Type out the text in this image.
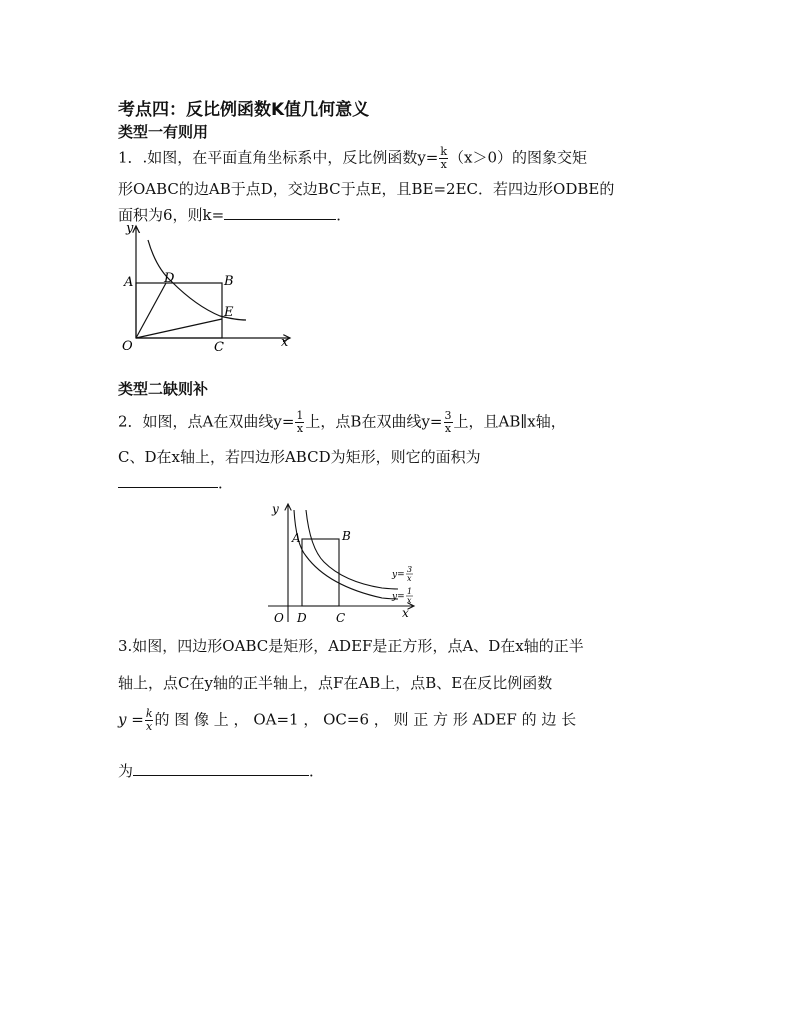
考点四：反比例函数K值几何意义
类型一有则用
1．.如图，在平面直角坐标系中，反比例函数$y= \frac{k}{x} (x>0)$的图象交矩
形OABC的边AB于点D，交边BC于点E，且BE=2EC．若四边形ODBE的
面积为6，则k=	．
y
x
O
A	B
C
D
E
类型二缺则补
2．如图，点A在双曲线$y= \frac{1}{x}$ 上，点B在双曲线$y= \frac{3}{x}$ 上，且AB∥x轴，
C、D在x轴上，若四边形ABCD为矩形，则它的面积为
．
y
x
O
A	B
D C
y=
3
x
y=
1
x
3.如图，四边形OABC是矩形，ADEF是正方形，点A、D在x轴的正半
轴上，点C在y轴的正半轴上，点F在AB上，点B、E在反比例函数
$y = \frac{k}{x}$ 的 图 像 上 ， OA=1 ， OC=6 ， 则 正 方 形 ADEF 的 边 长
为	．
